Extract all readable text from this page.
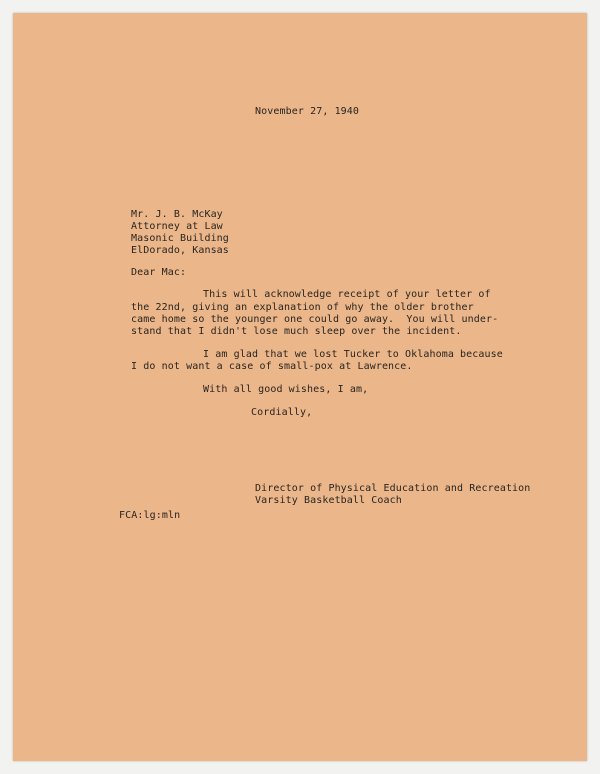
November 27, 1940
Mr. J. B. McKay
Attorney at Law
Masonic Building
ElDorado, Kansas
Dear Mac:
This will acknowledge receipt of your letter of
the 22nd, giving an explanation of why the older brother
came home so the younger one could go away.  You will under-
stand that I didn't lose much sleep over the incident.
I am glad that we lost Tucker to Oklahoma because
I do not want a case of small-pox at Lawrence.
With all good wishes, I am,
Cordially,
Director of Physical Education and Recreation
Varsity Basketball Coach
FCA:lg:mln
